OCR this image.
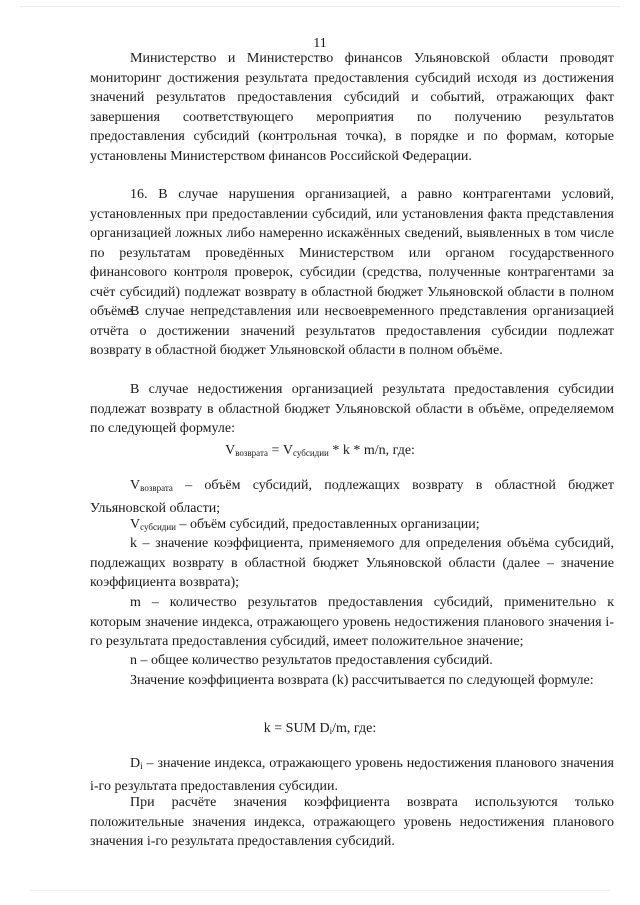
11

Министерство и Министерство финансов Ульяновской области проводят мониторинг достижения результата предоставления субсидий исходя из достижения значений результатов предоставления субсидий и событий, отражающих факт завершения соответствующего мероприятия по получению результатов предоставления субсидий (контрольная точка), в порядке и по формам, которые установлены Министерством финансов Российской Федерации.

16. В случае нарушения организацией, а равно контрагентами условий, установленных при предоставлении субсидий, или установления факта представления организацией ложных либо намеренно искажённых сведений, выявленных в том числе по результатам проведённых Министерством или органом государственного финансового контроля проверок, субсидии (средства, полученные контрагентами за счёт субсидий) подлежат возврату в областной бюджет Ульяновской области в полном объёме.

В случае непредставления или несвоевременного представления организацией отчёта о достижении значений результатов предоставления субсидии подлежат возврату в областной бюджет Ульяновской области в полном объёме.

В случае недостижения организацией результата предоставления субсидии подлежат возврату в областной бюджет Ульяновской области в объёме, определяемом по следующей формуле:

$V_{возврата} = V_{субсидии} * k * m/n$, где:

$V_{возврата}$ – объём субсидий, подлежащих возврату в областной бюджет Ульяновской области;

$V_{субсидии}$ – объём субсидий, предоставленных организации;

k – значение коэффициента, применяемого для определения объёма субсидий, подлежащих возврату в областной бюджет Ульяновской области (далее – значение коэффициента возврата);

m – количество результатов предоставления субсидий, применительно к которым значение индекса, отражающего уровень недостижения планового значения i-го результата предоставления субсидий, имеет положительное значение;

n – общее количество результатов предоставления субсидий.

Значение коэффициента возврата (k) рассчитывается по следующей формуле:

k = SUM $D_i/m$, где:

$D_i$ – значение индекса, отражающего уровень недостижения планового значения i-го результата предоставления субсидии.

При расчёте значения коэффициента возврата используются только положительные значения индекса, отражающего уровень недостижения планового значения i-го результата предоставления субсидий.
